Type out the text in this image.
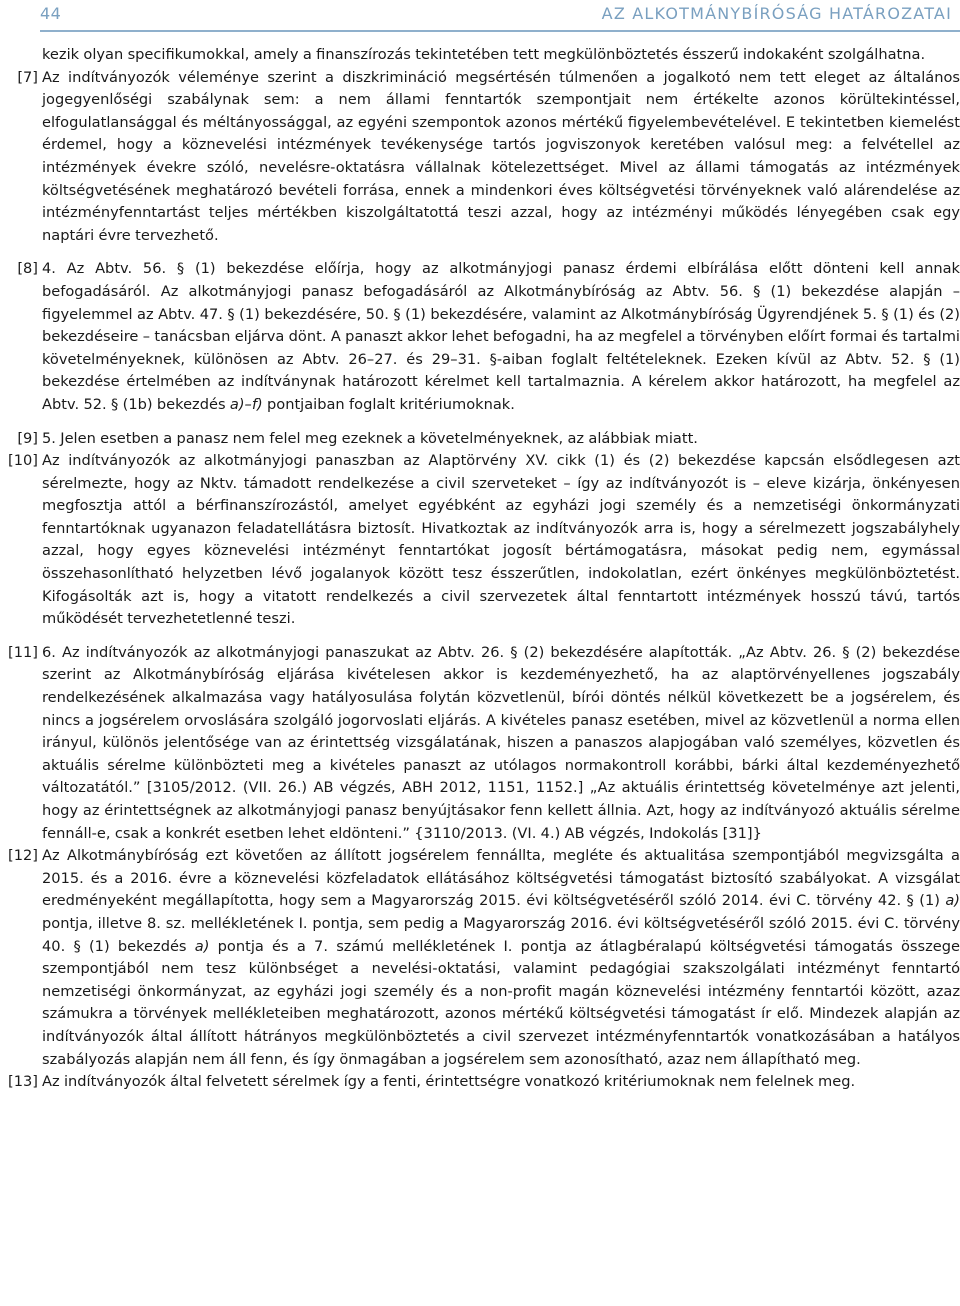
44	AZ ALKOTMÁNYBÍRÓSÁG HATÁROZATAI
kezik olyan specifikumokkal, amely a finanszírozás tekintetében tett megkülönböztetés ésszerű indokaként szolgálhatna.
[7] Az indítványozók véleménye szerint a diszkrimináció megsértésén túlmenően a jogalkotó nem tett eleget az általános jogegyenlőségi szabálynak sem: a nem állami fenntartók szempontjait nem értékelte azonos körültekintéssel, elfogulatlansággal és méltányossággal, az egyéni szempontok azonos mértékű figyelembevételével. E tekintetben kiemelést érdemel, hogy a köznevelési intézmények tevékenysége tartós jogviszonyok keretében valósul meg: a felvétellel az intézmények évekre szóló, nevelésre-oktatásra vállalnak kötelezettséget. Mivel az állami támogatás az intézmények költségvetésének meghatározó bevételi forrása, ennek a mindenkori éves költségvetési törvényeknek való alárendelése az intézményfenntartást teljes mértékben kiszolgáltatottá teszi azzal, hogy az intézményi működés lényegében csak egy naptári évre tervezhető.
[8] 4. Az Abtv. 56. § (1) bekezdése előírja, hogy az alkotmányjogi panasz érdemi elbírálása előtt dönteni kell annak befogadásáról. Az alkotmányjogi panasz befogadásáról az Alkotmánybíróság az Abtv. 56. § (1) bekezdése alapján – figyelemmel az Abtv. 47. § (1) bekezdésére, 50. § (1) bekezdésére, valamint az Alkotmánybíróság Ügyrendjének 5. § (1) és (2) bekezdéseire – tanácsban eljárva dönt. A panaszt akkor lehet befogadni, ha az megfelel a törvényben előírt formai és tartalmi követelményeknek, különösen az Abtv. 26–27. és 29–31. §-aiban foglalt feltételeknek. Ezeken kívül az Abtv. 52. § (1) bekezdése értelmében az indítványnak határozott kérelmet kell tartalmaznia. A kérelem akkor határozott, ha megfelel az Abtv. 52. § (1b) bekezdés a)–f) pontjaiban foglalt kritériumoknak.
[9] 5. Jelen esetben a panasz nem felel meg ezeknek a követelményeknek, az alábbiak miatt.
[10] Az indítványozók az alkotmányjogi panaszban az Alaptörvény XV. cikk (1) és (2) bekezdése kapcsán elsődlegesen azt sérelmezte, hogy az Nktv. támadott rendelkezése a civil szerveteket – így az indítványozót is – eleve kizárja, önkényesen megfosztja attól a bérfinanszírozástól, amelyet egyébként az egyházi jogi személy és a nemzetiségi önkormányzati fenntartóknak ugyanazon feladatellátásra biztosít. Hivatkoztak az indítványozók arra is, hogy a sérelmezett jogszabályhely azzal, hogy egyes köznevelési intézményt fenntartókat jogosít bértámogatásra, másokat pedig nem, egymással összehasonlítható helyzetben lévő jogalanyok között tesz ésszerűtlen, indokolatlan, ezért önkényes megkülönböztetést. Kifogásolták azt is, hogy a vitatott rendelkezés a civil szervezetek által fenntartott intézmények hosszú távú, tartós működését tervezhetetlenné teszi.
[11] 6. Az indítványozók az alkotmányjogi panaszukat az Abtv. 26. § (2) bekezdésére alapították. „Az Abtv. 26. § (2) bekezdése szerint az Alkotmánybíróság eljárása kivételesen akkor is kezdeményezhető, ha az alaptörvényellenes jogszabály rendelkezésének alkalmazása vagy hatályosulása folytán közvetlenül, bírói döntés nélkül következett be a jogsérelem, és nincs a jogsérelem orvoslására szolgáló jogorvoslati eljárás. A kivételes panasz esetében, mivel az közvetlenül a norma ellen irányul, különös jelentősége van az érintettség vizsgálatának, hiszen a panaszos alapjogában való személyes, közvetlen és aktuális sérelme különbözteti meg a kivételes panaszt az utólagos normakontroll korábbi, bárki által kezdeményezhető változatától.” [3105/2012. (VII. 26.) AB végzés, ABH 2012, 1151, 1152.] „Az aktuális érintettség követelménye azt jelenti, hogy az érintettségnek az alkotmányjogi panasz benyújtásakor fenn kellett állnia. Azt, hogy az indítványozó aktuális sérelme fennáll-e, csak a konkrét esetben lehet eldönteni.” {3110/2013. (VI. 4.) AB végzés, Indokolás [31]}
[12] Az Alkotmánybíróság ezt követően az állított jogsérelem fennállta, megléte és aktualitása szempontjából megvizsgálta a 2015. és a 2016. évre a köznevelési közfeladatok ellátásához költségvetési támogatást biztosító szabályokat. A vizsgálat eredményeként megállapította, hogy sem a Magyarország 2015. évi költségvetéséről szóló 2014. évi C. törvény 42. § (1) a) pontja, illetve 8. sz. mellékletének I. pontja, sem pedig a Magyarország 2016. évi költségvetéséről szóló 2015. évi C. törvény 40. § (1) bekezdés a) pontja és a 7. számú mellékletének I. pontja az átlagbéralapú költségvetési támogatás összege szempontjából nem tesz különbséget a nevelési-oktatási, valamint pedagógiai szakszolgálati intézményt fenntartó nemzetiségi önkormányzat, az egyházi jogi személy és a non-profit magán köznevelési intézmény fenntartói között, azaz számukra a törvények mellékleteiben meghatározott, azonos mértékű költségvetési támogatást ír elő. Mindezek alapján az indítványozók által állított hátrányos megkülönböztetés a civil szervezet intézményfenntartók vonatkozásában a hatályos szabályozás alapján nem áll fenn, és így önmagában a jogsérelem sem azonosítható, azaz nem állapítható meg.
[13] Az indítványozók által felvetett sérelmek így a fenti, érintettségre vonatkozó kritériumoknak nem felelnek meg.
